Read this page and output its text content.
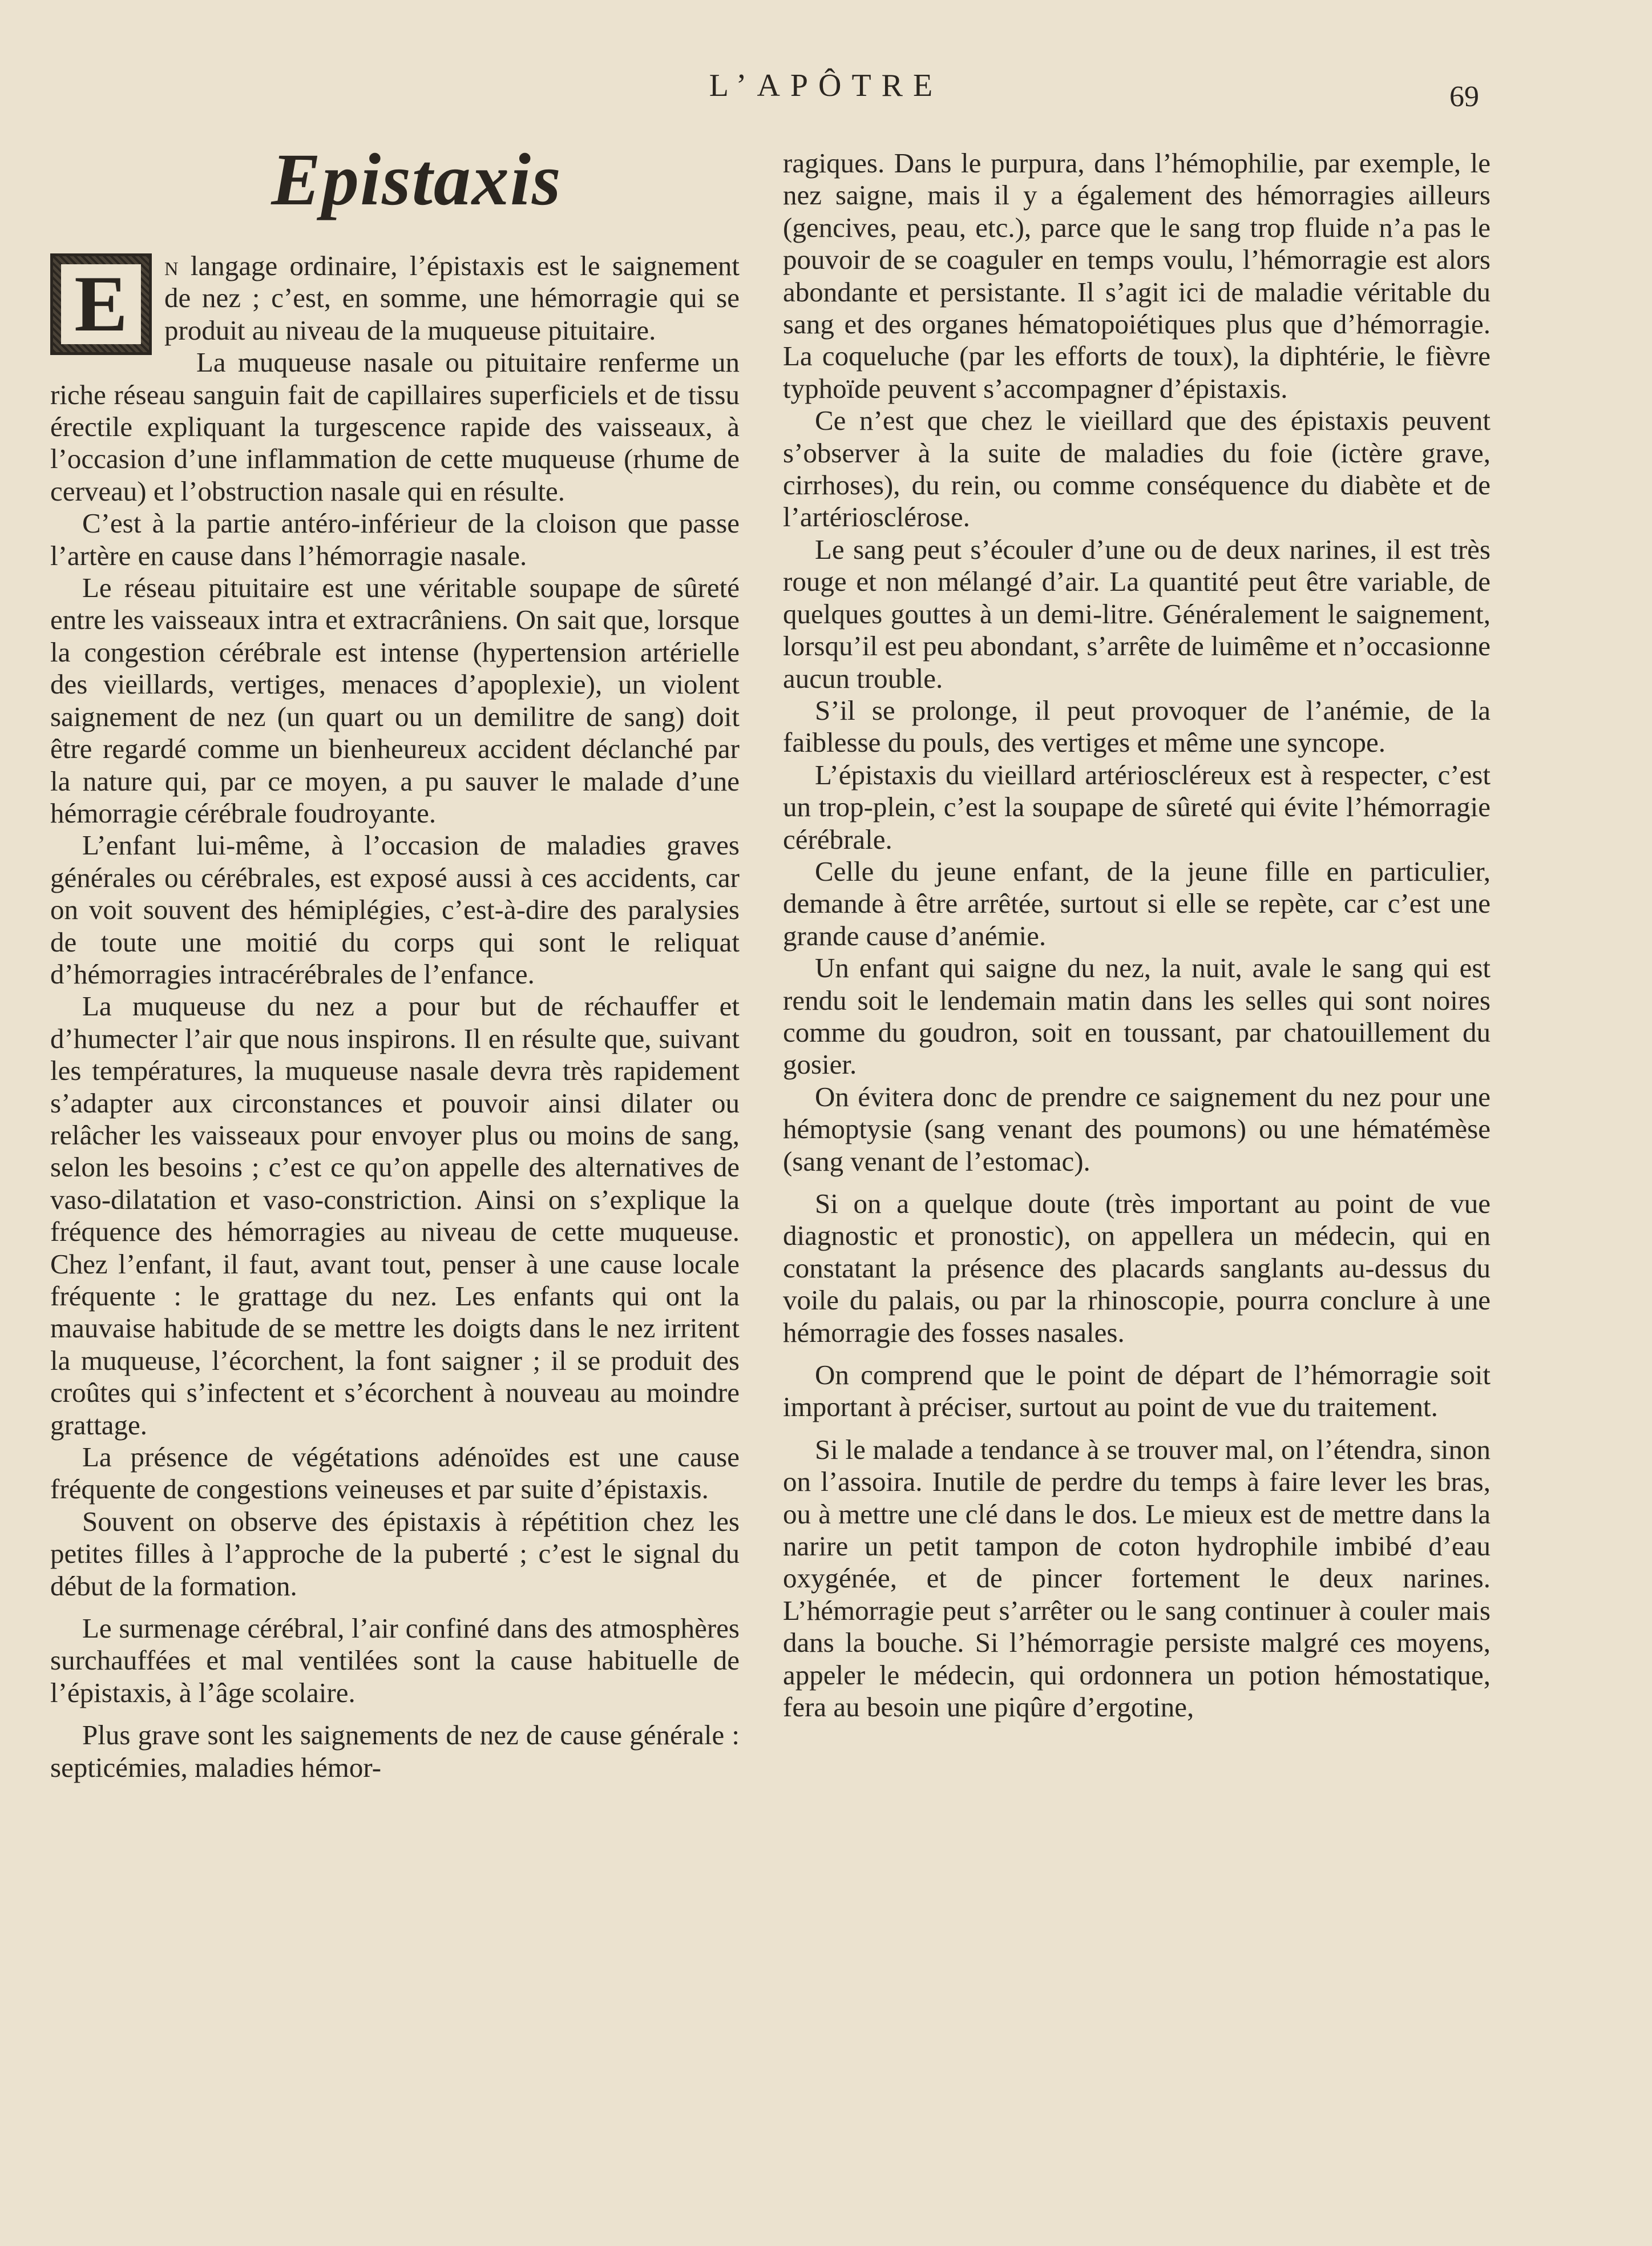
L’APÔTRE	69
Epistaxis
E	n langage ordinaire, l’épistaxis est le saignement de nez ; c’est, en somme, une hémorragie qui se produit au niveau de la muqueuse pituitaire.

La muqueuse nasale ou pituitaire renferme un riche réseau sanguin fait de capillaires superficiels et de tissu érectile expliquant la turgescence rapide des vaisseaux, à l’occasion d’une inflammation de cette muqueuse (rhume de cerveau) et l’obstruction nasale qui en résulte.

C’est à la partie antéro-inférieur de la cloison que passe l’artère en cause dans l’hémorragie nasale.

Le réseau pituitaire est une véritable soupape de sûreté entre les vaisseaux intra et extracrâniens. On sait que, lorsque la congestion cérébrale est intense (hypertension artérielle des vieillards, vertiges, menaces d’apoplexie), un violent saignement de nez (un quart ou un demilitre de sang) doit être regardé comme un bienheureux accident déclanché par la nature qui, par ce moyen, a pu sauver le malade d’une hémorragie cérébrale foudroyante.

L’enfant lui-même, à l’occasion de maladies graves générales ou cérébrales, est exposé aussi à ces accidents, car on voit souvent des hémiplégies, c’est-à-dire des paralysies de toute une moitié du corps qui sont le reliquat d’hémorragies intracérébrales de l’enfance.

La muqueuse du nez a pour but de réchauffer et d’humecter l’air que nous inspirons. Il en résulte que, suivant les températures, la muqueuse nasale devra très rapidement s’adapter aux circonstances et pouvoir ainsi dilater ou relâcher les vaisseaux pour envoyer plus ou moins de sang, selon les besoins ; c’est ce qu’on appelle des alternatives de vaso-dilatation et vaso-constriction. Ainsi on s’explique la fréquence des hémorragies au niveau de cette muqueuse. Chez l’enfant, il faut, avant tout, penser à une cause locale fréquente : le grattage du nez. Les enfants qui ont la mauvaise habitude de se mettre les doigts dans le nez irritent la muqueuse, l’écorchent, la font saigner ; il se produit des croûtes qui s’infectent et s’écorchent à nouveau au moindre grattage.

La présence de végétations adénoïdes est une cause fréquente de congestions veineuses et par suite d’épistaxis.

Souvent on observe des épistaxis à répétition chez les petites filles à l’approche de la puberté ; c’est le signal du début de la formation.

Le surmenage cérébral, l’air confiné dans des atmosphères surchauffées et mal ventilées sont la cause habituelle de l’épistaxis, à l’âge scolaire.

Plus grave sont les saignements de nez de cause générale : septicémies, maladies hémor-

ragiques. Dans le purpura, dans l’hémophilie, par exemple, le nez saigne, mais il y a également des hémorragies ailleurs (gencives, peau, etc.), parce que le sang trop fluide n’a pas le pouvoir de se coaguler en temps voulu, l’hémorragie est alors abondante et persistante. Il s’agit ici de maladie véritable du sang et des organes hématopoiétiques plus que d’hémorragie. La coqueluche (par les efforts de toux), la diphtérie, le fièvre typhoïde peuvent s’accompagner d’épistaxis.

Ce n’est que chez le vieillard que des épistaxis peuvent s’observer à la suite de maladies du foie (ictère grave, cirrhoses), du rein, ou comme conséquence du diabète et de l’artériosclérose.

Le sang peut s’écouler d’une ou de deux narines, il est très rouge et non mélangé d’air. La quantité peut être variable, de quelques gouttes à un demi-litre. Généralement le saignement, lorsqu’il est peu abondant, s’arrête de luimême et n’occasionne aucun trouble.

S’il se prolonge, il peut provoquer de l’anémie, de la faiblesse du pouls, des vertiges et même une syncope.

L’épistaxis du vieillard artérioscléreux est à respecter, c’est un trop-plein, c’est la soupape de sûreté qui évite l’hémorragie cérébrale.

Celle du jeune enfant, de la jeune fille en particulier, demande à être arrêtée, surtout si elle se repète, car c’est une grande cause d’anémie.

Un enfant qui saigne du nez, la nuit, avale le sang qui est rendu soit le lendemain matin dans les selles qui sont noires comme du goudron, soit en toussant, par chatouillement du gosier.

On évitera donc de prendre ce saignement du nez pour une hémoptysie (sang venant des poumons) ou une hématémèse (sang venant de l’estomac).

Si on a quelque doute (très important au point de vue diagnostic et pronostic), on appellera un médecin, qui en constatant la présence des placards sanglants au-dessus du voile du palais, ou par la rhinoscopie, pourra conclure à une hémorragie des fosses nasales.

On comprend que le point de départ de l’hémorragie soit important à préciser, surtout au point de vue du traitement.

Si le malade a tendance à se trouver mal, on l’étendra, sinon on l’assoira. Inutile de perdre du temps à faire lever les bras, ou à mettre une clé dans le dos. Le mieux est de mettre dans la narire un petit tampon de coton hydrophile imbibé d’eau oxygénée, et de pincer fortement le deux narines. L’hémorragie peut s’arrêter ou le sang continuer à couler mais dans la bouche. Si l’hémorragie persiste malgré ces moyens, appeler le médecin, qui ordonnera un potion hémostatique, fera au besoin une piqûre d’ergotine,
